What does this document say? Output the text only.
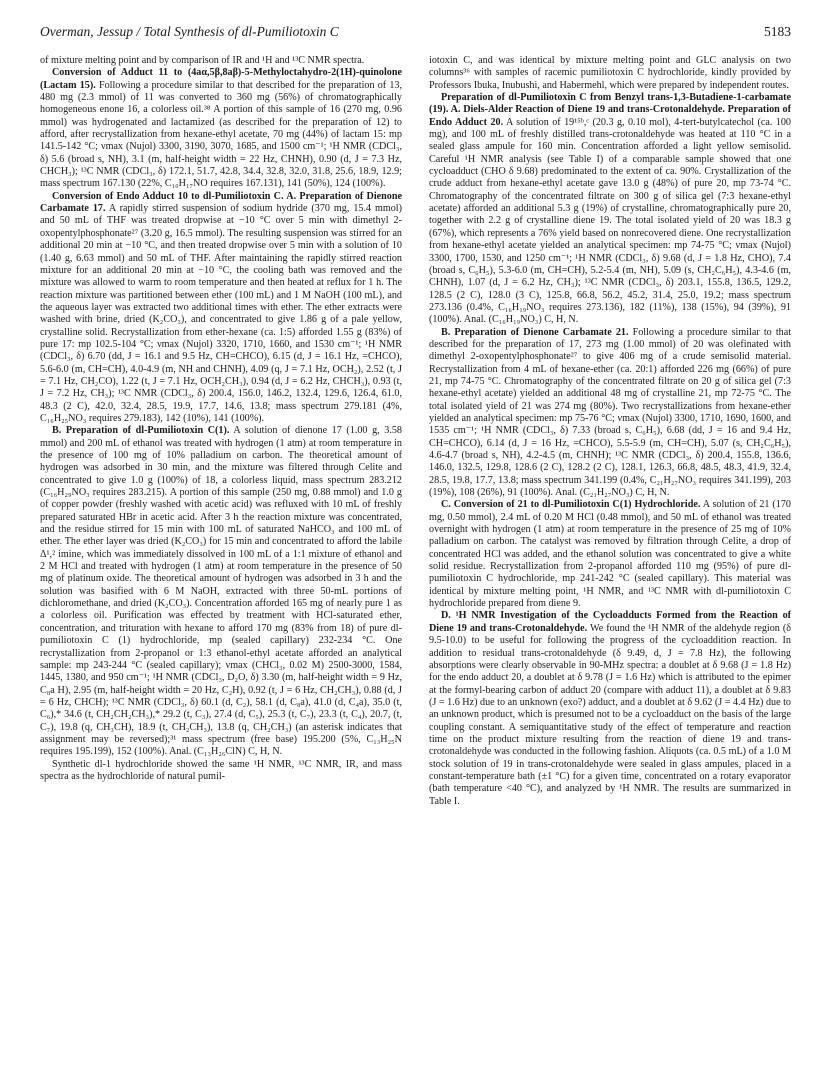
Overman, Jessup / Total Synthesis of dl-Pumiliotoxin C	5183

of mixture melting point and by comparison of IR and ¹H and ¹³C NMR spectra.

Conversion of Adduct 11 to (4aα,5β,8aβ)-5-Methyloctahydro-2(1H)-quinolone (Lactam 15). Following a procedure similar to that described for the preparation of 13, 480 mg (2.3 mmol) of 11 was converted to 360 mg (56%) of chromatographically homogeneous enone 16, a colorless oil.³⁸ A portion of this sample of 16 (270 mg, 0.96 mmol) was hydrogenated and lactamized (as described for the preparation of 12) to afford, after recrystallization from hexane-ethyl acetate, 70 mg (44%) of lactam 15: mp 141.5-142 °C; νmax (Nujol) 3300, 3190, 3070, 1685, and 1500 cm⁻¹; ¹H NMR (CDCl₃, δ) 5.6 (broad s, NH), 3.1 (m, half-height width = 22 Hz, CHNH), 0.90 (d, J = 7.3 Hz, CHCH₃); ¹³C NMR (CDCl₃, δ) 172.1, 51.7, 42.8, 34.4, 32.8, 32.0, 31.8, 25.6, 18.9, 12.9; mass spectrum 167.130 (22%, C₁₀H₁₇NO requires 167.131), 141 (50%), 124 (100%).

Conversion of Endo Adduct 10 to dl-Pumiliotoxin C. A. Preparation of Dienone Carbamate 17. A rapidly stirred suspension of sodium hydride (370 mg, 15.4 mmol) and 50 mL of THF was treated dropwise at −10 °C over 5 min with dimethyl 2-oxopentylphosphonate²⁷ (3.20 g, 16.5 mmol). The resulting suspension was stirred for an additional 20 min at −10 °C, and then treated dropwise over 5 min with a solution of 10 (1.40 g, 6.63 mmol) and 50 mL of THF. After maintaining the rapidly stirred reaction mixture for an additional 20 min at −10 °C, the cooling bath was removed and the mixture was allowed to warm to room temperature and then heated at reflux for 1 h. The reaction mixture was partitioned between ether (100 mL) and 1 M NaOH (100 mL), and the aqueous layer was extracted two additional times with ether. The ether extracts were washed with brine, dried (K₂CO₃), and concentrated to give 1.86 g of a pale yellow, crystalline solid. Recrystallization from ether-hexane (ca. 1:5) afforded 1.55 g (83%) of pure 17: mp 102.5-104 °C; νmax (Nujol) 3320, 1710, 1660, and 1530 cm⁻¹; ¹H NMR (CDCl₃, δ) 6.70 (dd, J = 16.1 and 9.5 Hz, CH=CHCO), 6.15 (d, J = 16.1 Hz, =CHCO), 5.6-6.0 (m, CH=CH), 4.0-4.9 (m, NH and CHNH), 4.09 (q, J = 7.1 Hz, OCH₂), 2.52 (t, J = 7.1 Hz, CH₂CO), 1.22 (t, J = 7.1 Hz, OCH₂CH₃), 0.94 (d, J = 6.2 Hz, CHCH₃), 0.93 (t, J = 7.2 Hz, CH₃); ¹³C NMR (CDCl₃, δ) 200.4, 156.0, 146.2, 132.4, 129.6, 126.4, 61.0, 48.3 (2 C), 42.0, 32.4, 28.5, 19.9, 17.7, 14.6, 13.8; mass spectrum 279.181 (4%, C₁₆H₂₅NO₃ requires 279.183), 142 (10%), 141 (100%).

B. Preparation of dl-Pumiliotoxin C(1). A solution of dienone 17 (1.00 g, 3.58 mmol) and 200 mL of ethanol was treated with hydrogen (1 atm) at room temperature in the presence of 100 mg of 10% palladium on carbon. The theoretical amount of hydrogen was adsorbed in 30 min, and the mixture was filtered through Celite and concentrated to give 1.0 g (100%) of 18, a colorless liquid, mass spectrum 283.212 (C₁₆H₂₉NO₃ requires 283.215). A portion of this sample (250 mg, 0.88 mmol) and 1.0 g of copper powder (freshly washed with acetic acid) was refluxed with 10 mL of freshly prepared saturated HBr in acetic acid. After 3 h the reaction mixture was concentrated, and the residue stirred for 15 min with 100 mL of saturated NaHCO₃ and 100 mL of ether. The ether layer was dried (K₂CO₃) for 15 min and concentrated to afford the labile Δ¹,² imine, which was immediately dissolved in 100 mL of a 1:1 mixture of ethanol and 2 M HCl and treated with hydrogen (1 atm) at room temperature in the presence of 50 mg of platinum oxide. The theoretical amount of hydrogen was adsorbed in 3 h and the solution was basified with 6 M NaOH, extracted with three 50-mL portions of dichloromethane, and dried (K₂CO₃). Concentration afforded 165 mg of nearly pure 1 as a colorless oil. Purification was effected by treatment with HCl-saturated ether, concentration, and trituration with hexane to afford 170 mg (83% from 18) of pure dl-pumiliotoxin C (1) hydrochloride, mp (sealed capillary) 232-234 °C. One recrystallization from 2-propanol or 1:3 ethanol-ethyl acetate afforded an analytical sample: mp 243-244 °C (sealed capillary); νmax (CHCl₃, 0.02 M) 2500-3000, 1584, 1445, 1380, and 950 cm⁻¹; ¹H NMR (CDCl₃, D₂O, δ) 3.30 (m, half-height width = 9 Hz, C₈a H), 2.95 (m, half-height width = 20 Hz, C₂H), 0.92 (t, J = 6 Hz, CH₂CH₃), 0.88 (d, J = 6 Hz, CHCH); ¹³C NMR (CDCl₃, δ) 60.1 (d, C₂), 58.1 (d, C₈a), 41.0 (d, C₄a), 35.0 (t, C₆),* 34.6 (t, CH₂CH₂CH₃),* 29.2 (t, C₃), 27.4 (d, C₅), 25.3 (t, C₇), 23.3 (t, C₄), 20.7, (t, C₇), 19.8 (q, CH₃CH), 18.9 (t, CH₂CH₃), 13.8 (q, CH₂CH₃) (an asterisk indicates that assignment may be reversed);³¹ mass spectrum (free base) 195.200 (5%, C₁₃H₂₅N requires 195.199), 152 (100%). Anal. (C₁₃H₂₆ClN) C, H, N.

Synthetic dl-1 hydrochloride showed the same ¹H NMR, ¹³C NMR, IR, and mass spectra as the hydrochloride of natural pumil-

iotoxin C, and was identical by mixture melting point and GLC analysis on two columns³⁶ with samples of racemic pumiliotoxin C hydrochloride, kindly provided by Professors Ibuka, Inubushi, and Habermehl, which were prepared by independent routes.

Preparation of dl-Pumiliotoxin C from Benzyl trans-1,3-Butadiene-1-carbamate (19). A. Diels-Alder Reaction of Diene 19 and trans-Crotonaldehyde. Preparation of Endo Adduct 20. A solution of 19¹⁵ᵇ,ᶜ (20.3 g, 0.10 mol), 4-tert-butylcatechol (ca. 100 mg), and 100 mL of freshly distilled trans-crotonaldehyde was heated at 110 °C in a sealed glass ampule for 160 min. Concentration afforded a light yellow semisolid. Careful ¹H NMR analysis (see Table I) of a comparable sample showed that one cycloadduct (CHO δ 9.68) predominated to the extent of ca. 90%. Crystallization of the crude adduct from hexane-ethyl acetate gave 13.0 g (48%) of pure 20, mp 73-74 °C. Chromatography of the concentrated filtrate on 300 g of silica gel (7:3 hexane-ethyl acetate) afforded an additional 5.3 g (19%) of crystalline, chromatographically pure 20, together with 2.2 g of crystalline diene 19. The total isolated yield of 20 was 18.3 g (67%), which represents a 76% yield based on nonrecovered diene. One recrystallization from hexane-ethyl acetate yielded an analytical specimen: mp 74-75 °C; νmax (Nujol) 3300, 1700, 1530, and 1250 cm⁻¹; ¹H NMR (CDCl₃, δ) 9.68 (d, J = 1.8 Hz, CHO), 7.4 (broad s, C₆H₅), 5.3-6.0 (m, CH=CH), 5.2-5.4 (m, NH), 5.09 (s, CH₂C₆H₅), 4.3-4.6 (m, CHNH), 1.07 (d, J = 6.2 Hz, CH₃); ¹³C NMR (CDCl₃, δ) 203.1, 155.8, 136.5, 129.2, 128.5 (2 C), 128.0 (3 C), 125.8, 66.8, 56.2, 45.2, 31.4, 25.0, 19.2; mass spectrum 273.136 (0.4%, C₁₆H₁₉NO₃ requires 273.136), 182 (11%), 138 (15%), 94 (39%), 91 (100%). Anal. (C₁₆H₁₉NO₃) C, H, N.

B. Preparation of Dienone Carbamate 21. Following a procedure similar to that described for the preparation of 17, 273 mg (1.00 mmol) of 20 was olefinated with dimethyl 2-oxopentylphosphonate²⁷ to give 406 mg of a crude semisolid material. Recrystallization from 4 mL of hexane-ether (ca. 20:1) afforded 226 mg (66%) of pure 21, mp 74-75 °C. Chromatography of the concentrated filtrate on 20 g of silica gel (7:3 hexane-ethyl acetate) yielded an additional 48 mg of crystalline 21, mp 72-75 °C. The total isolated yield of 21 was 274 mg (80%). Two recrystallizations from hexane-ether yielded an analytical specimen: mp 75-76 °C; νmax (Nujol) 3300, 1710, 1690, 1600, and 1535 cm⁻¹; ¹H NMR (CDCl₃, δ) 7.33 (broad s, C₆H₅), 6.68 (dd, J = 16 and 9.4 Hz, CH=CHCO), 6.14 (d, J = 16 Hz, =CHCO), 5.5-5.9 (m, CH=CH), 5.07 (s, CH₂C₆H₅), 4.6-4.7 (broad s, NH), 4.2-4.5 (m, CHNH); ¹³C NMR (CDCl₃, δ) 200.4, 155.8, 136.6, 146.0, 132.5, 129.8, 128.6 (2 C), 128.2 (2 C), 128.1, 126.3, 66.8, 48.5, 48.3, 41.9, 32.4, 28.5, 19.8, 17.7, 13.8; mass spectrum 341.199 (0.4%, C₂₁H₂₇NO₃ requires 341.199), 203 (19%), 108 (26%), 91 (100%). Anal. (C₂₁H₂₇NO₃) C, H, N.

C. Conversion of 21 to dl-Pumiliotoxin C(1) Hydrochloride. A solution of 21 (170 mg, 0.50 mmol), 2.4 mL of 0.20 M HCl (0.48 mmol), and 50 mL of ethanol was treated overnight with hydrogen (1 atm) at room temperature in the presence of 25 mg of 10% palladium on carbon. The catalyst was removed by filtration through Celite, a drop of concentrated HCl was added, and the ethanol solution was concentrated to give a white solid residue. Recrystallization from 2-propanol afforded 110 mg (95%) of pure dl-pumiliotoxin C hydrochloride, mp 241-242 °C (sealed capillary). This material was identical by mixture melting point, ¹H NMR, and ¹³C NMR with dl-pumiliotoxin C hydrochloride prepared from diene 9.

D. ¹H NMR Investigation of the Cycloadducts Formed from the Reaction of Diene 19 and trans-Crotonaldehyde. We found the ¹H NMR of the aldehyde region (δ 9.5-10.0) to be useful for following the progress of the cycloaddition reaction. In addition to residual trans-crotonaldehyde (δ 9.49, d, J = 7.8 Hz), the following absorptions were clearly observable in 90-MHz spectra: a doublet at δ 9.68 (J = 1.8 Hz) for the endo adduct 20, a doublet at δ 9.78 (J = 1.6 Hz) which is attributed to the epimer at the formyl-bearing carbon of adduct 20 (compare with adduct 11), a doublet at δ 9.83 (J = 1.6 Hz) due to an unknown (exo?) adduct, and a doublet at δ 9.62 (J = 4.4 Hz) due to an unknown product, which is presumed not to be a cycloadduct on the basis of the large coupling constant. A semiquantitative study of the effect of temperature and reaction time on the product mixture resulting from the reaction of diene 19 and trans-crotonaldehyde was conducted in the following fashion. Aliquots (ca. 0.5 mL) of a 1.0 M stock solution of 19 in trans-crotonaldehyde were sealed in glass ampules, placed in a constant-temperature bath (±1 °C) for a given time, concentrated on a rotary evaporator (bath temperature <40 °C), and analyzed by ¹H NMR. The results are summarized in Table I.
